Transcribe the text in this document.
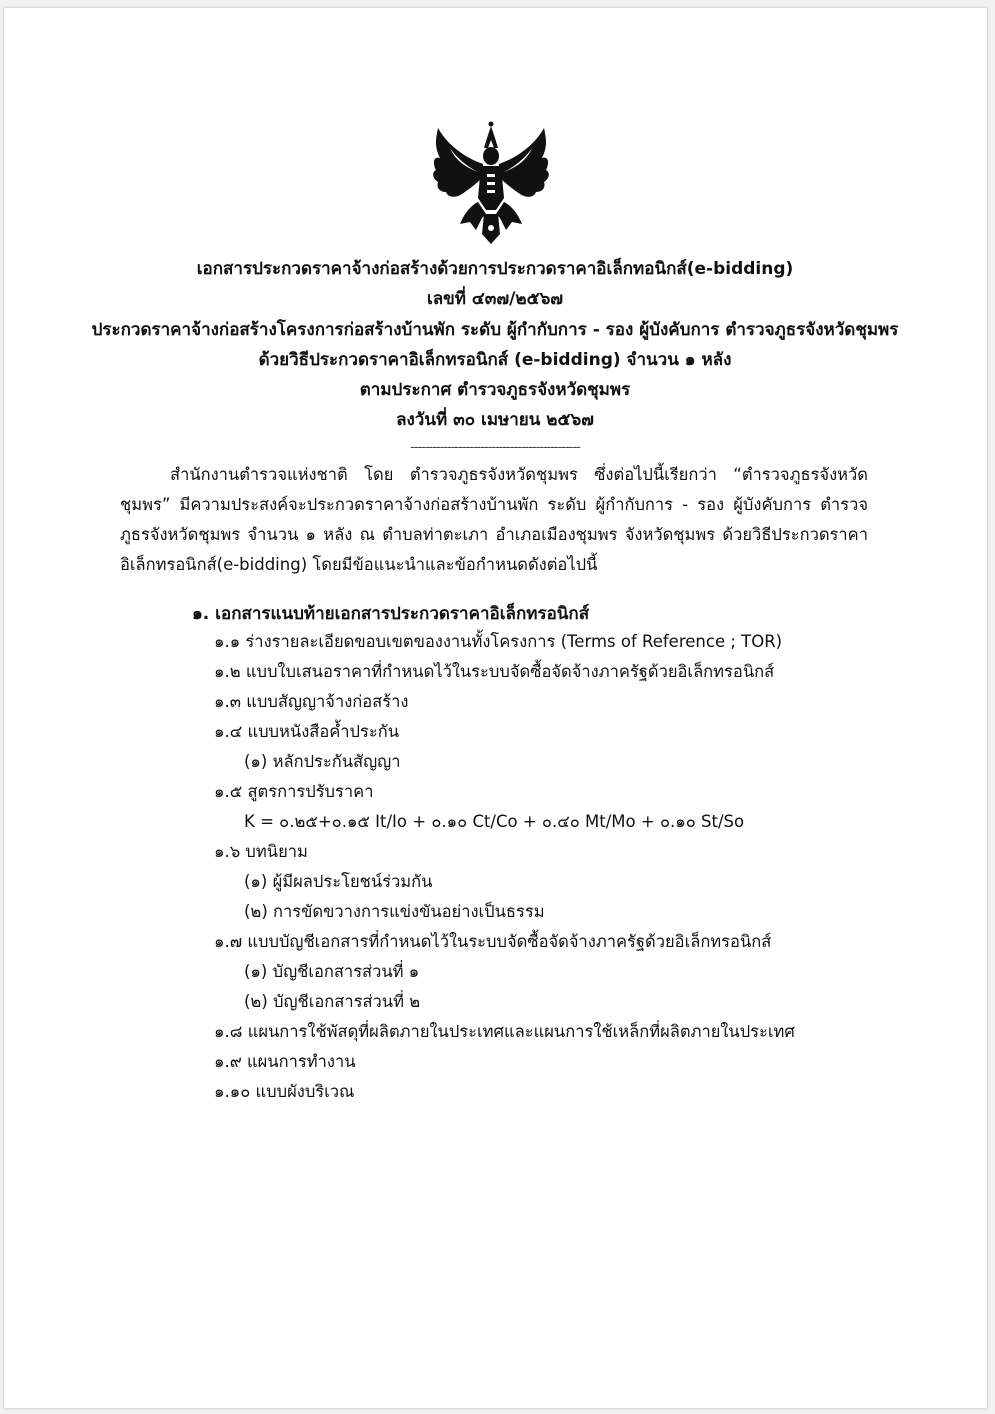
เอกสารประกวดราคาจ้างก่อสร้างด้วยการประกวดราคาอิเล็กทอนิกส์(e-bidding)
เลขที่ ๔๓๗/๒๕๖๗
ประกวดราคาจ้างก่อสร้างโครงการก่อสร้างบ้านพัก ระดับ ผู้กำกับการ - รอง ผู้บังคับการ ตำรวจภูธรจังหวัดชุมพร
ด้วยวิธีประกวดราคาอิเล็กทรอนิกส์ (e-bidding) จำนวน ๑ หลัง
ตามประกาศ ตำรวจภูธรจังหวัดชุมพร
ลงวันที่ ๓๐ เมษายน ๒๕๖๗
----------------------------------------------
สำนักงานตำรวจแห่งชาติ โดย ตำรวจภูธรจังหวัดชุมพร ซึ่งต่อไปนี้เรียกว่า “ตำรวจภูธรจังหวัดชุมพร” มีความประสงค์จะประกวดราคาจ้างก่อสร้างบ้านพัก ระดับ ผู้กำกับการ - รอง ผู้บังคับการ ตำรวจภูธรจังหวัดชุมพร จำนวน ๑ หลัง ณ ตำบลท่าตะเภา อำเภอเมืองชุมพร จังหวัดชุมพร ด้วยวิธีประกวดราคาอิเล็กทรอนิกส์(e-bidding) โดยมีข้อแนะนำและข้อกำหนดดังต่อไปนี้
๑. เอกสารแนบท้ายเอกสารประกวดราคาอิเล็กทรอนิกส์
๑.๑ ร่างรายละเอียดขอบเขตของงานทั้งโครงการ (Terms of Reference ; TOR)
๑.๒ แบบใบเสนอราคาที่กำหนดไว้ในระบบจัดซื้อจัดจ้างภาครัฐด้วยอิเล็กทรอนิกส์
๑.๓ แบบสัญญาจ้างก่อสร้าง
๑.๔ แบบหนังสือค้ำประกัน
(๑) หลักประกันสัญญา
๑.๕ สูตรการปรับราคา
K = ๐.๒๕+๐.๑๕ It/Io + ๐.๑๐ Ct/Co + ๐.๔๐ Mt/Mo + ๐.๑๐ St/So
๑.๖ บทนิยาม
(๑) ผู้มีผลประโยชน์ร่วมกัน
(๒) การขัดขวางการแข่งขันอย่างเป็นธรรม
๑.๗ แบบบัญชีเอกสารที่กำหนดไว้ในระบบจัดซื้อจัดจ้างภาครัฐด้วยอิเล็กทรอนิกส์
(๑) บัญชีเอกสารส่วนที่ ๑
(๒) บัญชีเอกสารส่วนที่ ๒
๑.๘ แผนการใช้พัสดุที่ผลิตภายในประเทศและแผนการใช้เหล็กที่ผลิตภายในประเทศ
๑.๙ แผนการทำงาน
๑.๑๐ แบบผังบริเวณ
